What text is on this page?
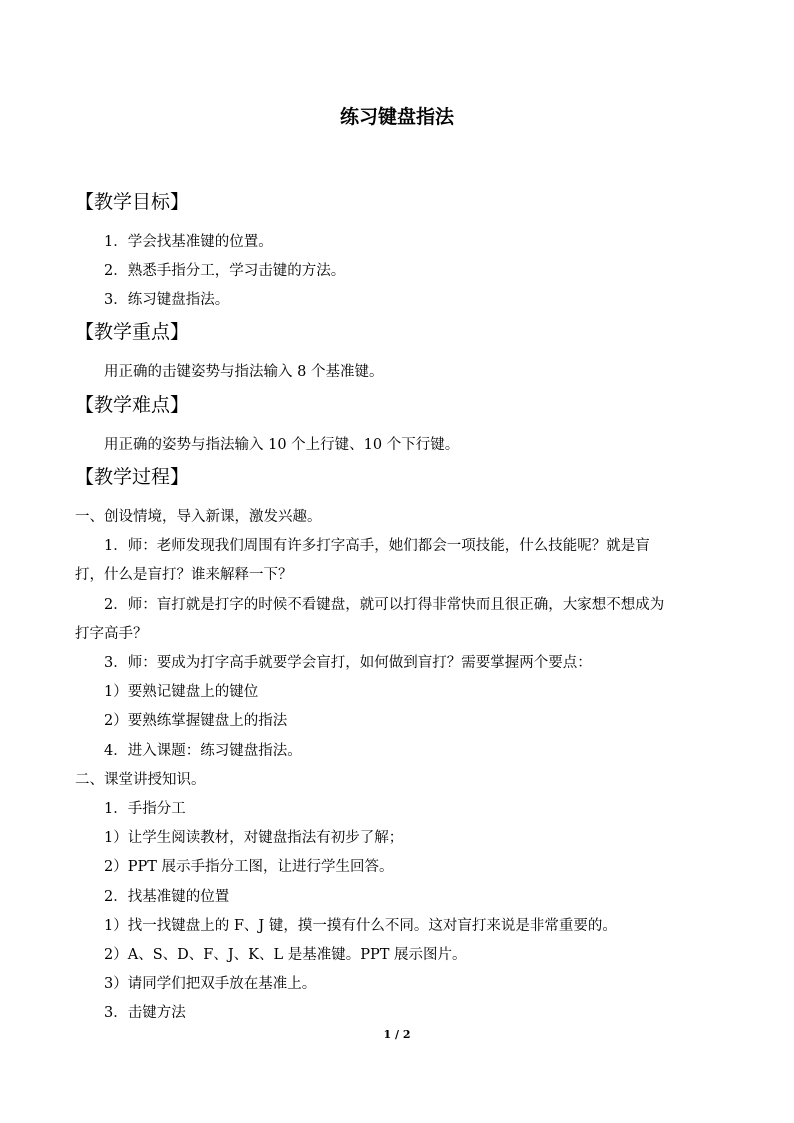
练习键盘指法
【教学目标】
1．学会找基准键的位置。
2．熟悉手指分工，学习击键的方法。
3．练习键盘指法。
【教学重点】
用正确的击键姿势与指法输入 8 个基准键。
【教学难点】
用正确的姿势与指法输入 10 个上行键、10 个下行键。
【教学过程】
一、创设情境，导入新课，激发兴趣。
1．师：老师发现我们周围有许多打字高手，她们都会一项技能，什么技能呢？就是盲
打，什么是盲打？谁来解释一下？
2．师：盲打就是打字的时候不看键盘，就可以打得非常快而且很正确，大家想不想成为
打字高手？
3．师：要成为打字高手就要学会盲打，如何做到盲打？需要掌握两个要点：
1）要熟记键盘上的键位
2）要熟练掌握键盘上的指法
4．进入课题：练习键盘指法。
二、课堂讲授知识。
1．手指分工
1）让学生阅读教材，对键盘指法有初步了解；
2）PPT 展示手指分工图，让进行学生回答。
2．找基准键的位置
1）找一找键盘上的 F、J 键，摸一摸有什么不同。这对盲打来说是非常重要的。
2）A、S、D、F、J、K、L 是基准键。PPT 展示图片。
3）请同学们把双手放在基准上。
3．击键方法
1 / 2
